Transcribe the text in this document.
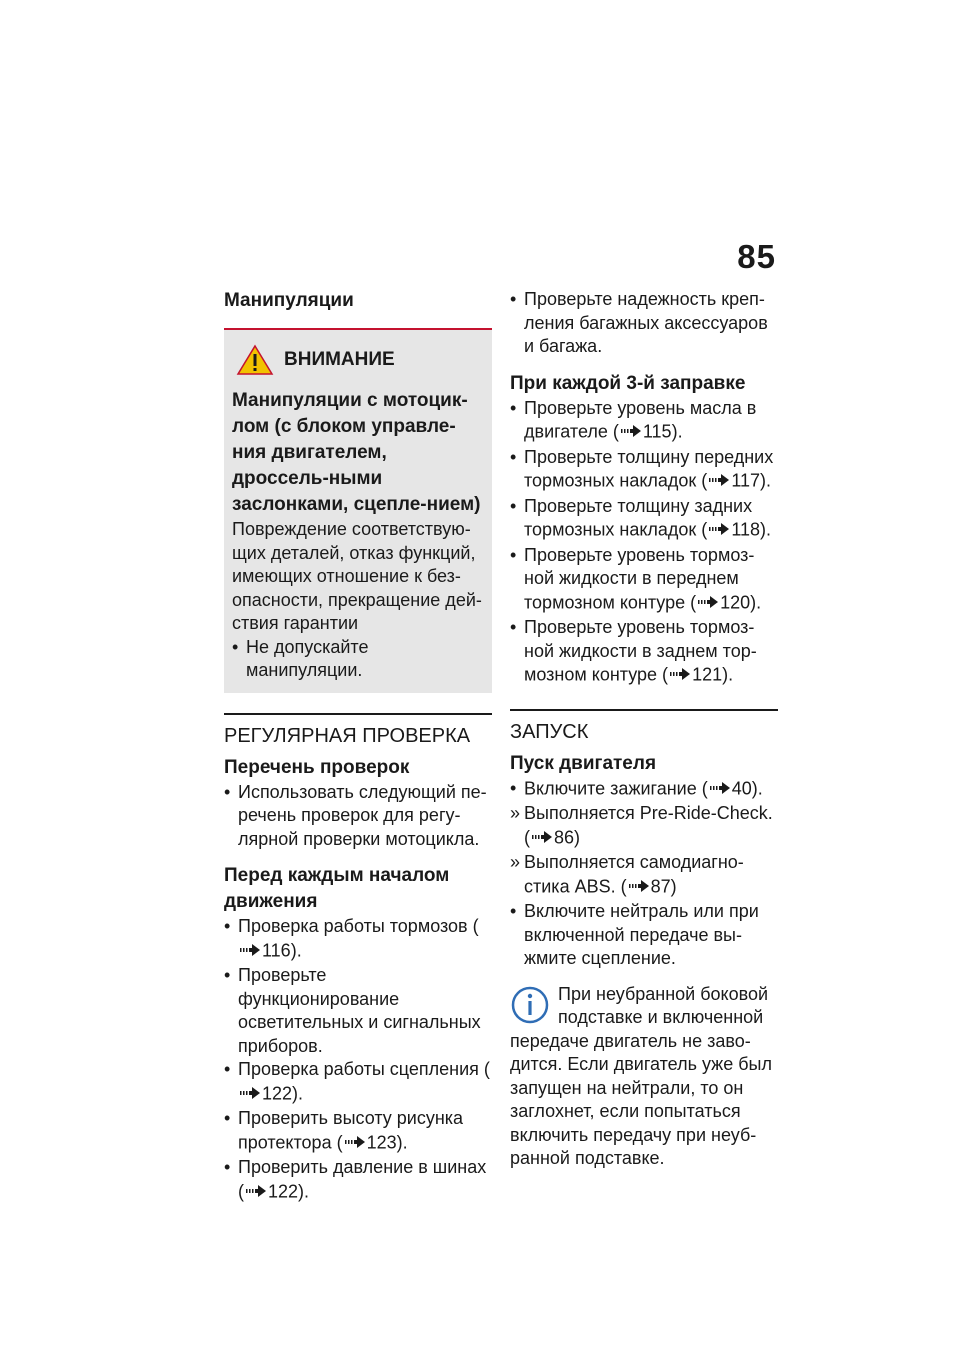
85

Манипуляции

ВНИМАНИЕ
Манипуляции с мотоцик-лом (с блоком управле-ния двигателем, дроссель-ными заслонками, сцепле-нием)
Повреждение соответствую-щих деталей, отказ функций, имеющих отношение к без-опасности, прекращение дей-ствия гарантии
• Не допускайте манипуляции.

РЕГУЛЯРНАЯ ПРОВЕРКА

Перечень проверок

• Использовать следующий пе-речень проверок для регу-лярной проверки мотоцикла.

Перед каждым началом движения

• Проверка работы тормозов (116).
• Проверьте функционирование осветительных и сигнальных приборов.
• Проверка работы сцепления (122).
• Проверить высоту рисунка протектора ( 123).
• Проверить давление в шинах ( 122).
• Проверьте надежность креп-ления багажных аксессуаров и багажа.

При каждой 3-й заправке

• Проверьте уровень масла в двигателе ( 115).
• Проверьте толщину передних тормозных накладок ( 117).
• Проверьте толщину задних тормозных накладок ( 118).
• Проверьте уровень тормоз-ной жидкости в переднем тормозном контуре ( 120).
• Проверьте уровень тормоз-ной жидкости в заднем тор-мозном контуре ( 121).

ЗАПУСК

Пуск двигателя

• Включите зажигание ( 40).
» Выполняется Pre-Ride-Check. ( 86)
» Выполняется самодиагно-стика ABS. ( 87)
• Включите нейтраль или при включенной передаче вы-жмите сцепление.
При неубранной боковой подставке и включенной передаче двигатель не заво-дится. Если двигатель уже был запущен на нейтрали, то он заглохнет, если попытаться включить передачу при неуб-ранной подставке.
